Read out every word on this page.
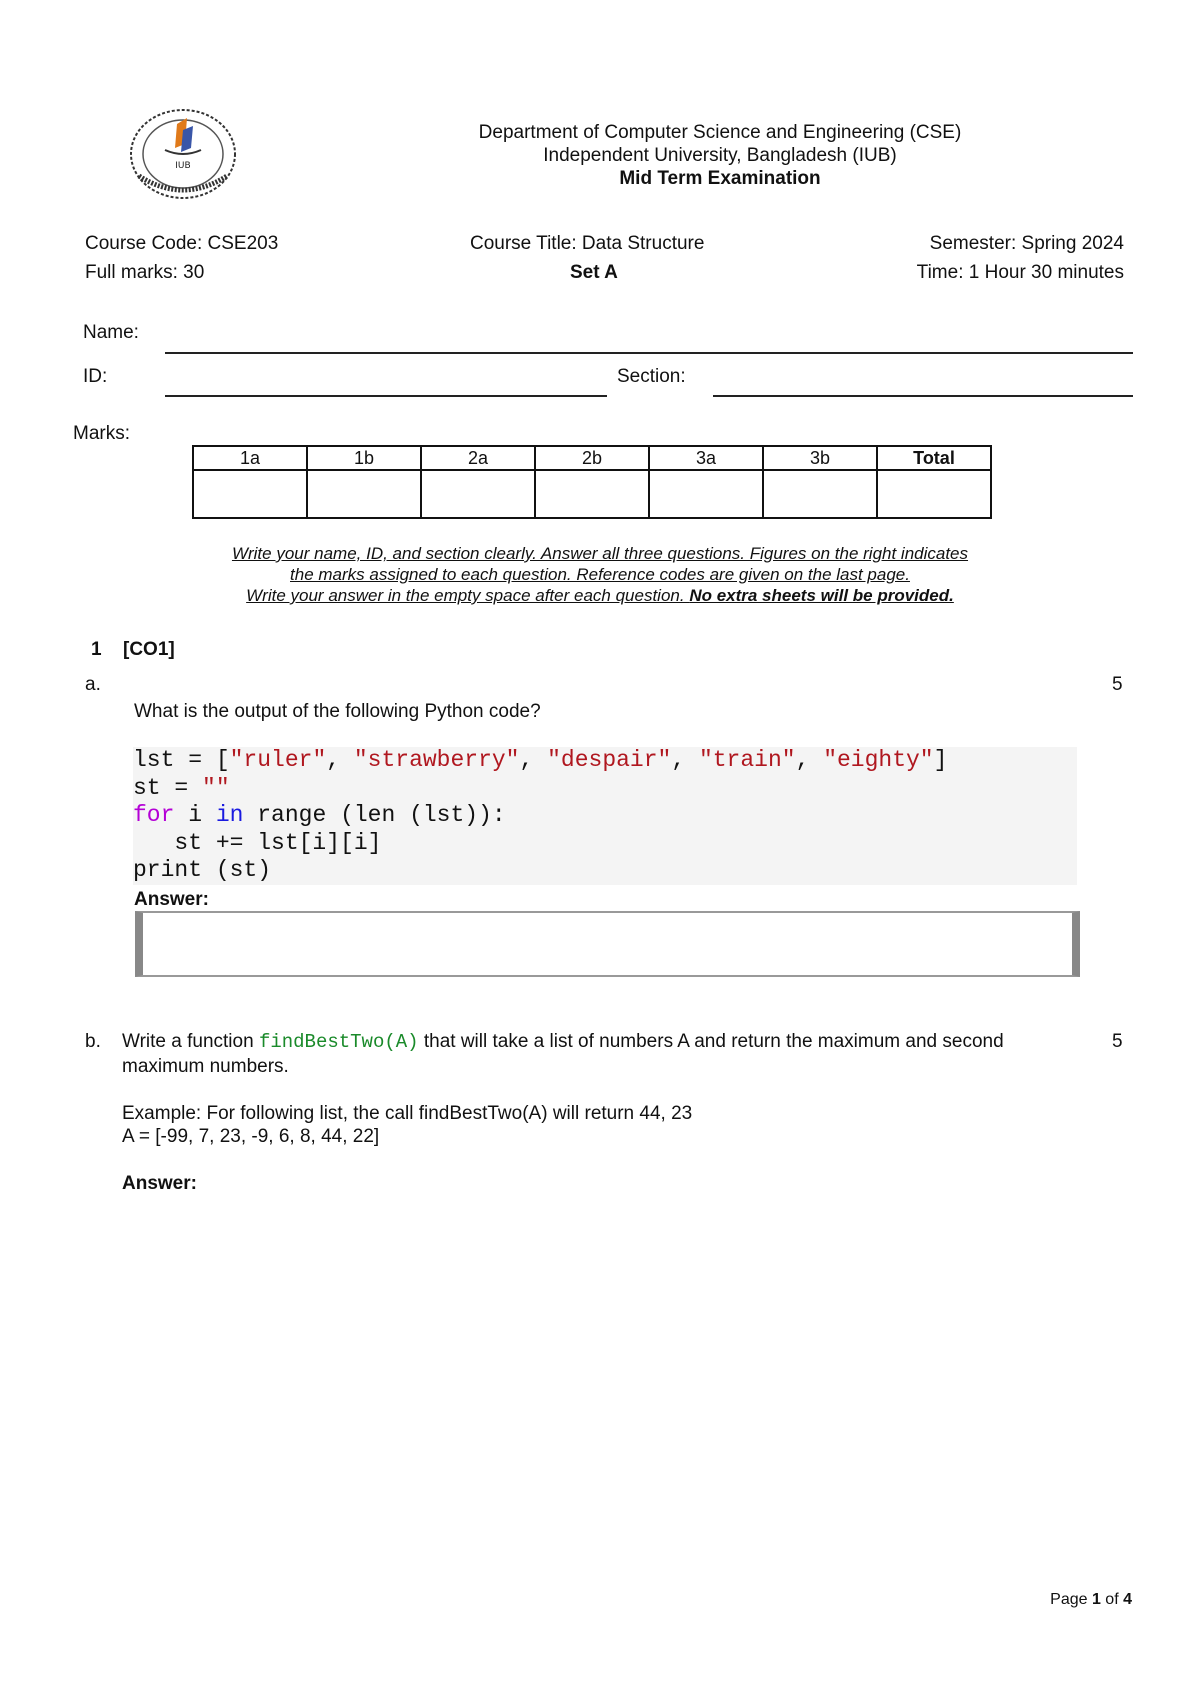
IUB
Department of Computer Science and Engineering (CSE)
Independent University, Bangladesh (IUB)
Mid Term Examination
Course Code: CSE203	Course Title: Data Structure	Semester: Spring 2024
Full marks: 30	Set A	Time: 1 Hour 30 minutes
Name:
ID:	Section:
Marks:
1a	1b	2a	2b	3a	3b	Total

Write your name, ID, and section clearly. Answer all three questions. Figures on the right indicates
the marks assigned to each question. Reference codes are given on the last page.
Write your answer in the empty space after each question. No extra sheets will be provided.
1 [CO1]
a.	5
What is the output of the following Python code?
lst = ["ruler", "strawberry", "despair", "train", "eighty"]
st = ""
for i in range (len (lst)):
st += lst[i][i]
print (st)
Answer:
b.	5
Write a function findBestTwo(A) that will take a list of numbers A and return the maximum and second
maximum numbers.
Example: For following list, the call findBestTwo(A) will return 44, 23
A = [-99, 7, 23, -9, 6, 8, 44, 22]
Answer:
Page 1 of 4
